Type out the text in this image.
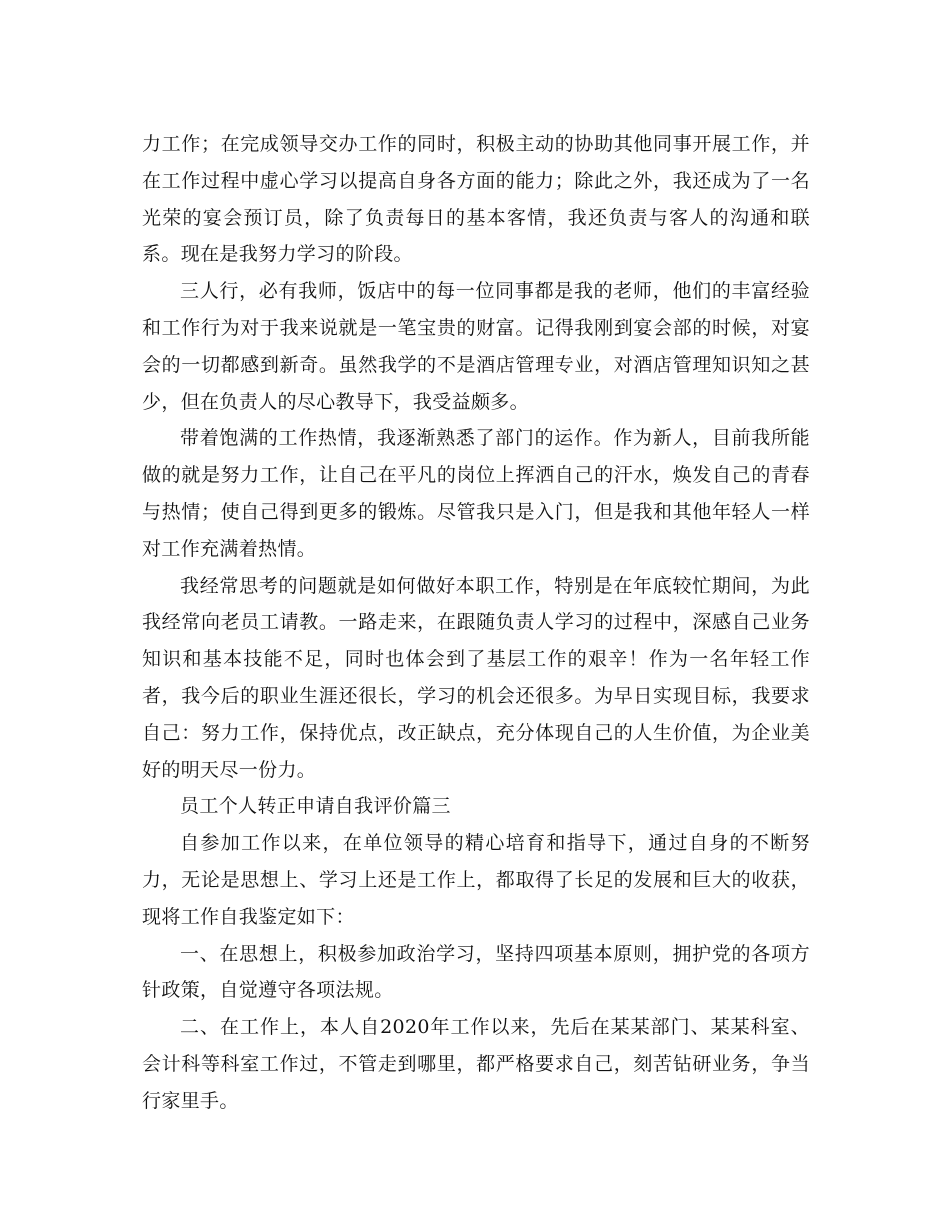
力工作；在完成领导交办工作的同时，积极主动的协助其他同事开展工作，并在工作过程中虚心学习以提高自身各方面的能力；除此之外，我还成为了一名光荣的宴会预订员，除了负责每日的基本客情，我还负责与客人的沟通和联系。现在是我努力学习的阶段。

三人行，必有我师，饭店中的每一位同事都是我的老师，他们的丰富经验和工作行为对于我来说就是一笔宝贵的财富。记得我刚到宴会部的时候，对宴会的一切都感到新奇。虽然我学的不是酒店管理专业，对酒店管理知识知之甚少，但在负责人的尽心教导下，我受益颇多。

带着饱满的工作热情，我逐渐熟悉了部门的运作。作为新人，目前我所能做的就是努力工作，让自己在平凡的岗位上挥洒自己的汗水，焕发自己的青春与热情；使自己得到更多的锻炼。尽管我只是入门，但是我和其他年轻人一样对工作充满着热情。

我经常思考的问题就是如何做好本职工作，特别是在年底较忙期间，为此我经常向老员工请教。一路走来，在跟随负责人学习的过程中，深感自己业务知识和基本技能不足，同时也体会到了基层工作的艰辛！作为一名年轻工作者，我今后的职业生涯还很长，学习的机会还很多。为早日实现目标，我要求自己：努力工作，保持优点，改正缺点，充分体现自己的人生价值，为企业美好的明天尽一份力。

员工个人转正申请自我评价篇三

自参加工作以来，在单位领导的精心培育和指导下，通过自身的不断努力，无论是思想上、学习上还是工作上，都取得了长足的发展和巨大的收获，现将工作自我鉴定如下：

一、在思想上，积极参加政治学习，坚持四项基本原则，拥护党的各项方针政策，自觉遵守各项法规。

二、在工作上，本人自2020年工作以来，先后在某某部门、某某科室、会计科等科室工作过，不管走到哪里，都严格要求自己，刻苦钻研业务，争当行家里手。
